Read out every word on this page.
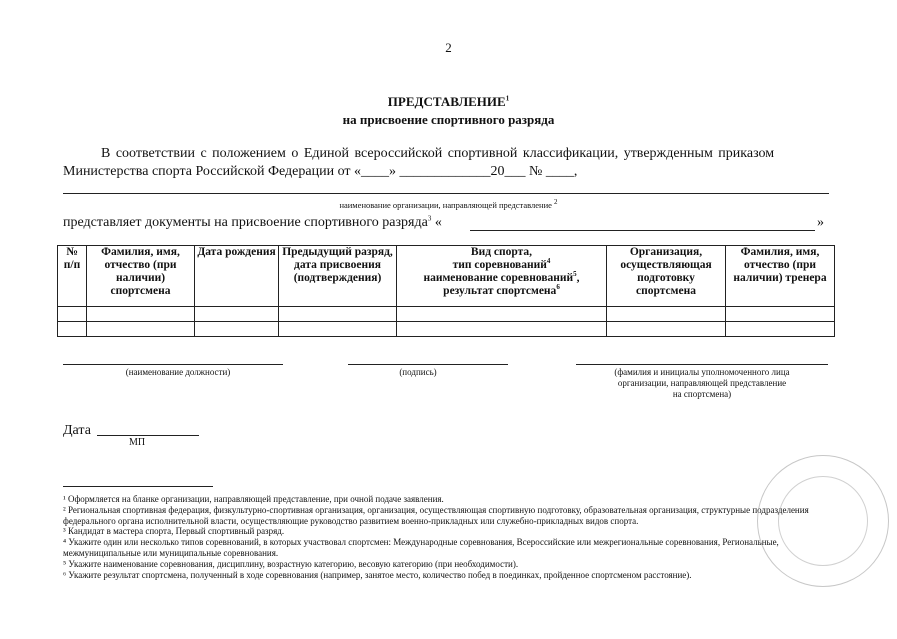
2
ПРЕДСТАВЛЕНИЕ$^1$
на присвоение спортивного разряда
В соответствии с положением о Единой всероссийской спортивной классификации, утвержденным приказом
Министерства спорта Российской Федерации от «____» _____________20___ № ____,
наименование организации, направляющей представление $^2$
представляет документы на присвоение спортивного разряда$^3$ «	»
№ п/п	Фамилия, имя, отчество (при наличии) спортсмена	Дата рождения	Предыдущий разряд, дата присвоения (подтверждения)	Вид спорта,
тип соревнований$^4$
наименование соревнований$^5$,
результат спортсмена$^6$	Организация, осуществляющая подготовку спортсмена	Фамилия, имя, отчество (при наличии) тренера

(наименование должности)	(подпись)	(фамилия и инициалы уполномоченного лица
организации, направляющей представление
на спортсмена)
Дата
МП
¹ Оформляется на бланке организации, направляющей представление, при очной подаче заявления.
² Региональная спортивная федерация, физкультурно-спортивная организация, организация, осуществляющая спортивную подготовку, образовательная организация, структурные подразделения федерального органа исполнительной власти, осуществляющие руководство развитием военно-прикладных или служебно-прикладных видов спорта.
³ Кандидат в мастера спорта, Первый спортивный разряд.
⁴ Укажите один или несколько типов соревнований, в которых участвовал спортсмен: Международные соревнования, Всероссийские или межрегиональные соревнования, Региональные, межмуниципальные или муниципальные соревнования.
⁵ Укажите наименование соревнования, дисциплину, возрастную категорию, весовую категорию (при необходимости).
⁶ Укажите результат спортсмена, полученный в ходе соревнования (например, занятое место, количество побед в поединках, пройденное спортсменом расстояние).
